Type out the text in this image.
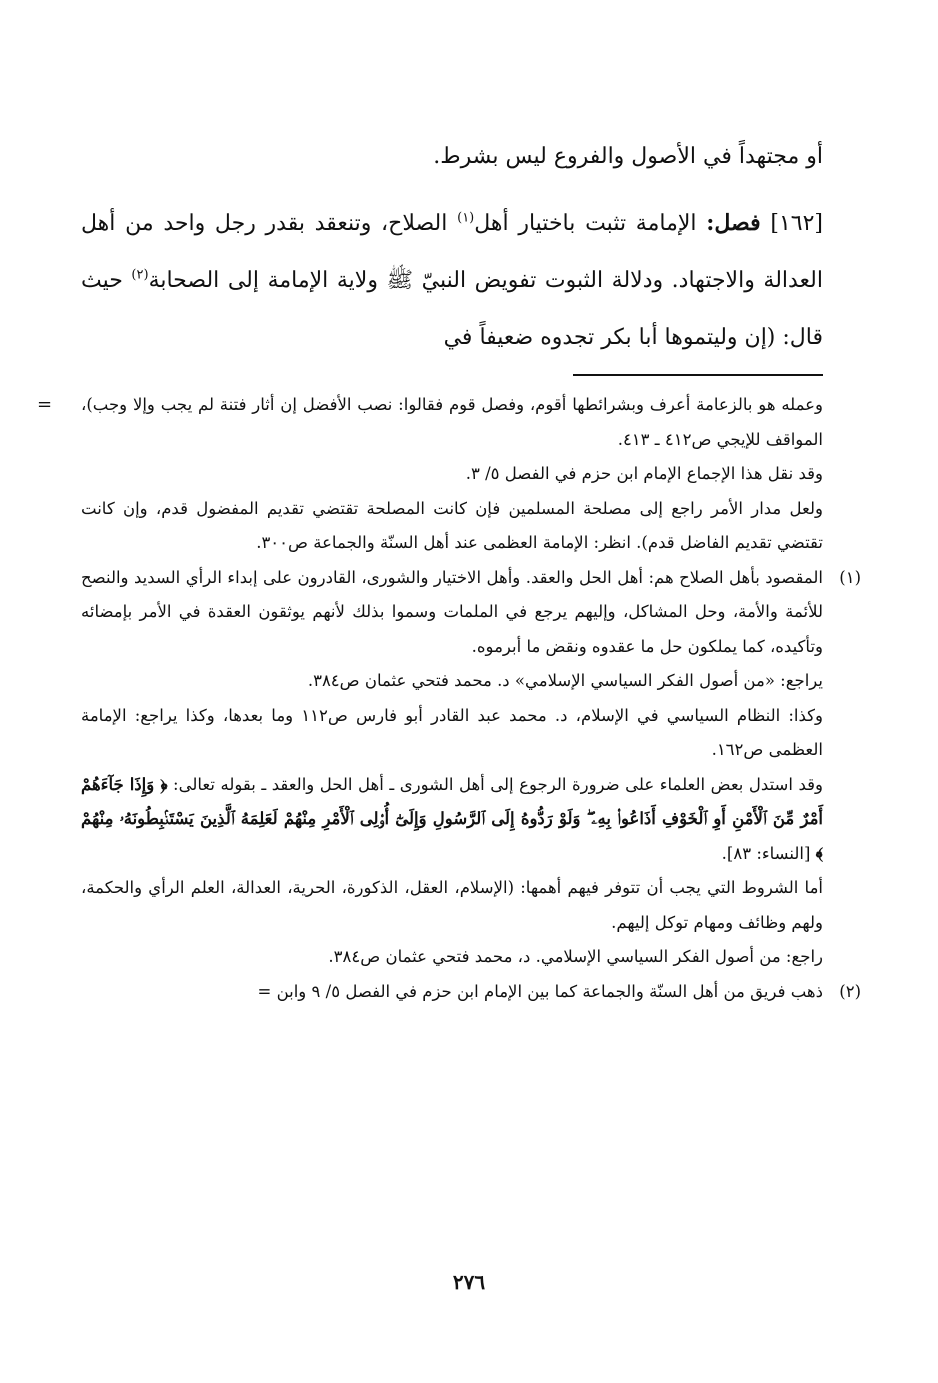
أو مجتهداً في الأصول والفروع ليس بشرط.

[١٦٢] فصل: الإمامة تثبت باختيار أهل$^{(١)}$ الصلاح، وتنعقد بقدر رجل واحد من أهل العدالة والاجتهاد. ودلالة الثبوت تفويض النبيّ ﷺ ولاية الإمامة إلى الصحابة$^{(٢)}$ حيث قال: (إن وليتموها أبا بكر تجدوه ضعيفاً في

= وعمله هو بالزعامة أعرف وبشرائطها أقوم، وفصل قوم فقالوا: نصب الأفضل إن أثار فتنة لم يجب وإلا وجب)، المواقف للإيجي ص٤١٢ ـ ٤١٣.

وقد نقل هذا الإجماع الإمام ابن حزم في الفصل ٥/ ٣.

ولعل مدار الأمر راجع إلى مصلحة المسلمين فإن كانت المصلحة تقتضي تقديم المفضول قدم، وإن كانت تقتضي تقديم الفاضل قدم). انظر: الإمامة العظمى عند أهل السنّة والجماعة ص٣٠٠.

(١)
المقصود بأهل الصلاح هم: أهل الحل والعقد. وأهل الاختيار والشورى، القادرون على إبداء الرأي السديد والنصح للأئمة والأمة، وحل المشاكل، وإليهم يرجع في الملمات وسموا بذلك لأنهم يوثقون العقدة في الأمر بإمضائه وتأكيده، كما يملكون حل ما عقدوه ونقض ما أبرموه.

يراجع: «من أصول الفكر السياسي الإسلامي» د. محمد فتحي عثمان ص٣٨٤.

وكذا: النظام السياسي في الإسلام، د. محمد عبد القادر أبو فارس ص١١٢ وما بعدها، وكذا يراجع: الإمامة العظمى ص١٦٢.

وقد استدل بعض العلماء على ضرورة الرجوع إلى أهل الشورى ـ أهل الحل والعقد ـ بقوله تعالى: ﴿ وَإِذَا جَآءَهُمْ أَمْرٌ مِّنَ ٱلْأَمْنِ أَوِ ٱلْخَوْفِ أَذَاعُوا۟ بِهِۦ ۖ وَلَوْ رَدُّوهُ إِلَى ٱلرَّسُولِ وَإِلَىٰٓ أُو۟لِى ٱلْأَمْرِ مِنْهُمْ لَعَلِمَهُ ٱلَّذِينَ يَسْتَنۢبِطُونَهُۥ مِنْهُمْ ﴾ [النساء: ٨٣].

أما الشروط التي يجب أن تتوفر فيهم أهمها: (الإسلام، العقل، الذكورة، الحرية، العدالة، العلم الرأي والحكمة، ولهم وظائف ومهام توكل إليهم.

راجع: من أصول الفكر السياسي الإسلامي. د، محمد فتحي عثمان ص٣٨٤.

(٢)
ذهب فريق من أهل السنّة والجماعة كما بين الإمام ابن حزم في الفصل ٥/ ٩ وابن =

٢٧٦
